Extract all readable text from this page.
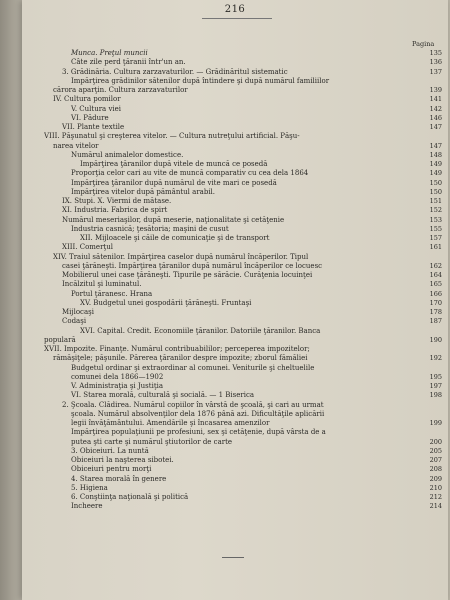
216
Pagina
Munca. Preţul muncii	135
Câte zile perd ţăranii într'un an.	136
3. Grădinăria. Cultura zarzavaturilor. — Grădinăritul sistematic	137
Împărţirea grădinilor sătenilor după întindere şi după numărul familiilor
cărora aparţin. Cultura zarzavaturilor	139
IV. Cultura pomilor	141
V. Cultura viei	142
VI. Pădure	146
VII. Plante textile	147
VIII. Păşunatul şi creşterea vitelor. — Cultura nutreţului artificial. Păşu-
narea vitelor	147
Numărul animalelor domestice.	148
Împărţirea ţăranilor după vitele de muncă ce posedă	149
Proporţia celor cari au vite de muncă comparativ cu cea dela 1864	149
Împărţirea ţăranilor după numărul de vite mari ce posedă	150
Împărţirea vitelor după pământul arabil.	150
IX. Stupi. X. Viermi de mătase.	151
XI. Industria. Fabrica de spirt	152
Numărul meseriaşilor, după meserie, naţionalitate şi cetăţenie	153
Industria casnică; ţesătoria; maşini de cusut	155
XII. Mijloacele şi căile de comunicaţie şi de transport	157
XIII. Comerţul	161
XIV. Traiul sătenilor. Împărţirea caselor după numărul încăperilor. Tipul
casei ţărăneşti. Împărţirea ţăranilor după numărul încăperilor ce locuesc	162
Mobilierul unei case ţărăneşti. Tipurile pe sărăcie. Curăţenia locuinţei	164
Încălzitul şi luminatul.	165
Portul ţăranesc. Hrana	166
XV. Budgetul unei gospodării ţărăneşti. Fruntaşi	170
Mijlocaşi	178
Codaşi	187
XVI. Capital. Credit. Economiile ţăranilor. Datoriile ţăranilor. Banca
populară	190
XVII. Impozite. Finanţe. Numărul contribuabililor; perceperea impozitelor;
rămăşiţele; păşunile. Părerea ţăranilor despre impozite; zborul fămăliei	192
Budgetul ordinar şi extraordinar al comunei. Veniturile şi cheltuelile
comunei dela 1866—1902	195
V. Administraţia şi Justiţia	197
VI. Starea morală, culturală şi socială. — 1 Biserica	198
2. Şcoala. Clădirea. Numărul copiilor în vârstă de şcoală, şi cari au urmat
şcoala. Numărul absolvenţilor dela 1876 până azi. Dificultăţile aplicării
legii învăţământului. Amendările şi încasarea amenzilor	199
Împărţirea populaţiunii pe profesiuni, sex şi cetăţenie, după vârsta de a
putea şti carte şi numărul ştiutorilor de carte	200
3. Obiceiuri. La nuntă	205
Obiceiuri la naşterea sibotei.	207
Obiceiuri pentru morţi	208
4. Starea morală în genere	209
5. Higiena	210
6. Conştiinţa naţională şi politică	212
Încheere	214
